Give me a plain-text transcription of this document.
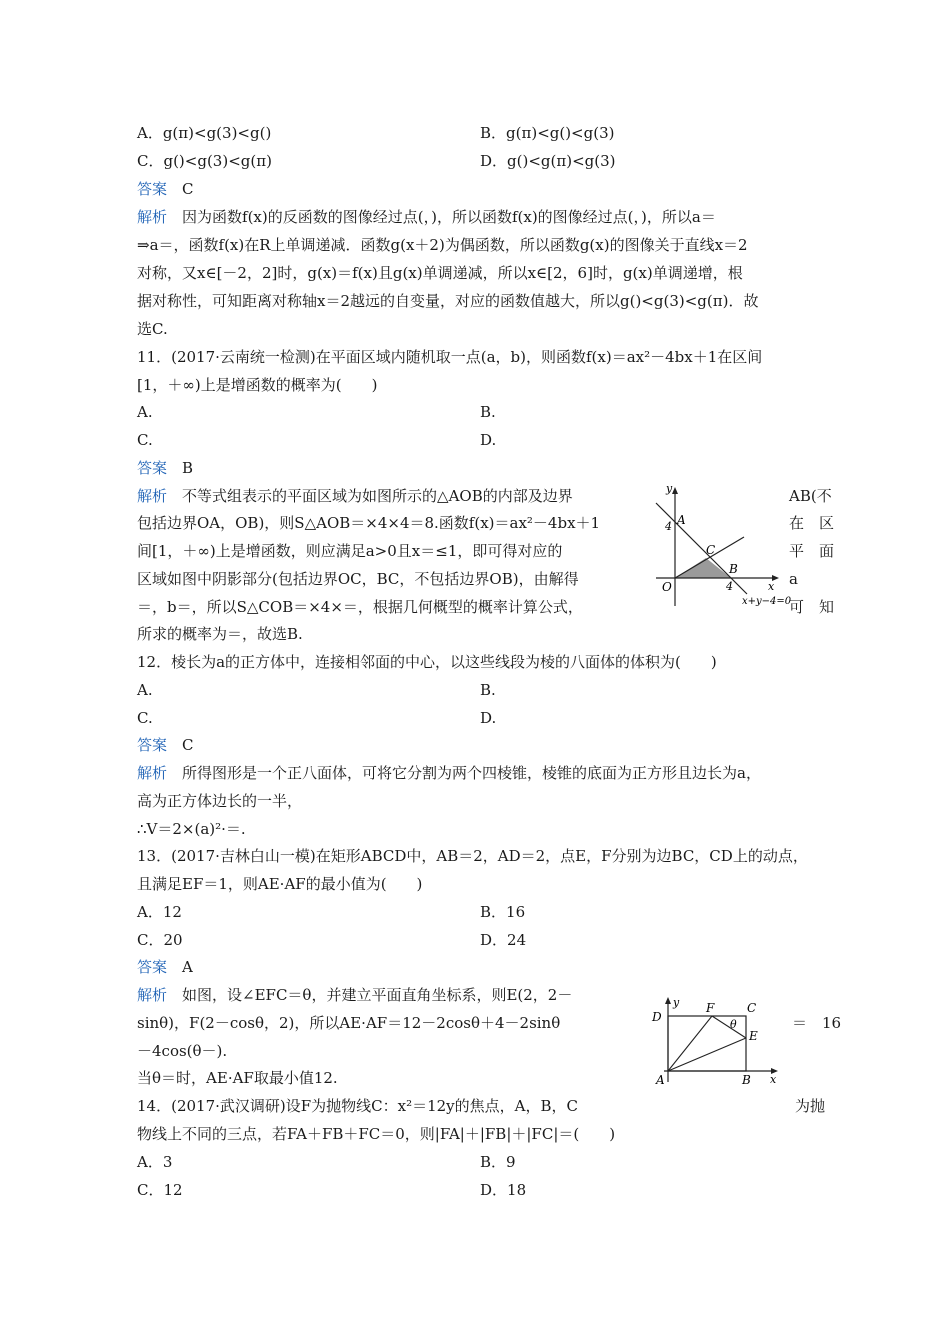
A．g(π)<g(3)<g()	B．g(π)<g()<g(3)
C．g()<g(3)<g(π)	D．g()<g(π)<g(3)
答案　 C
解析　 因为函数f(x)的反函数的图像经过点(，)，所以函数f(x)的图像经过点(，)，所以a＝
⇒a＝，函数f(x)在R上单调递减．函数g(x＋2)为偶函数，所以函数g(x)的图像关于直线x＝2
对称，又x∈[－2，2]时，g(x)＝f(x)且g(x)单调递减，所以x∈[2，6]时，g(x)单调递增，根
据对称性，可知距离对称轴x＝2越远的自变量，对应的函数值越大，所以g()<g(3)<g(π)．故
选C.
11．(2017·云南统一检测)在平面区域内随机取一点(a，b)，则函数f(x)＝ax²－4bx＋1在区间
[1，＋∞)上是增函数的概率为(　　)
A.	B.
C.	D.
答案　 B
解析　 不等式组表示的平面区域为如图所示的△AOB的内部及边界
包括边界OA，OB)，则S△AOB＝×4×4＝8.函数f(x)＝ax²－4bx＋1
间[1，＋∞)上是增函数，则应满足a>0且x＝≤1，即可得对应的
区域如图中阴影部分(包括边界OC，BC，不包括边界OB)，由解得
＝，b＝，所以S△COB＝×4×＝，根据几何概型的概率计算公式，
所求的概率为＝，故选B.
AB(不
在　区
平　面
a
可　知
y
x
A
4
C
B
O	4
x+y−4=0
12．棱长为a的正方体中，连接相邻面的中心，以这些线段为棱的八面体的体积为(　　)
A.	B.
C.	D.
答案　 C
解析　 所得图形是一个正八面体，可将它分割为两个四棱锥，棱锥的底面为正方形且边长为a，
高为正方体边长的一半，
∴V＝2×(a)²·＝.
13．(2017·吉林白山一模)在矩形ABCD中，AB＝2，AD＝2，点E，F分别为边BC，CD上的动点，
且满足EF＝1，则AE·AF的最小值为(　　)
A．12	B．16
C．20	D．24
答案　 A
解析　 如图，设∠EFC＝θ，并建立平面直角坐标系，则E(2，2－
sinθ)，F(2－cosθ，2)，所以AE·AF＝12－2cosθ＋4－2sinθ
－4cos(θ－).
当θ＝时，AE·AF取最小值12.
＝　16
D
F	C
θ
E
A	B
y
x
14．(2017·武汉调研)设F为抛物线C：x²＝12y的焦点，A，B，C	为抛
物线上不同的三点，若FA＋FB＋FC＝0，则|FA|＋|FB|＋|FC|＝(　　)
A．3	B．9
C．12	D．18
